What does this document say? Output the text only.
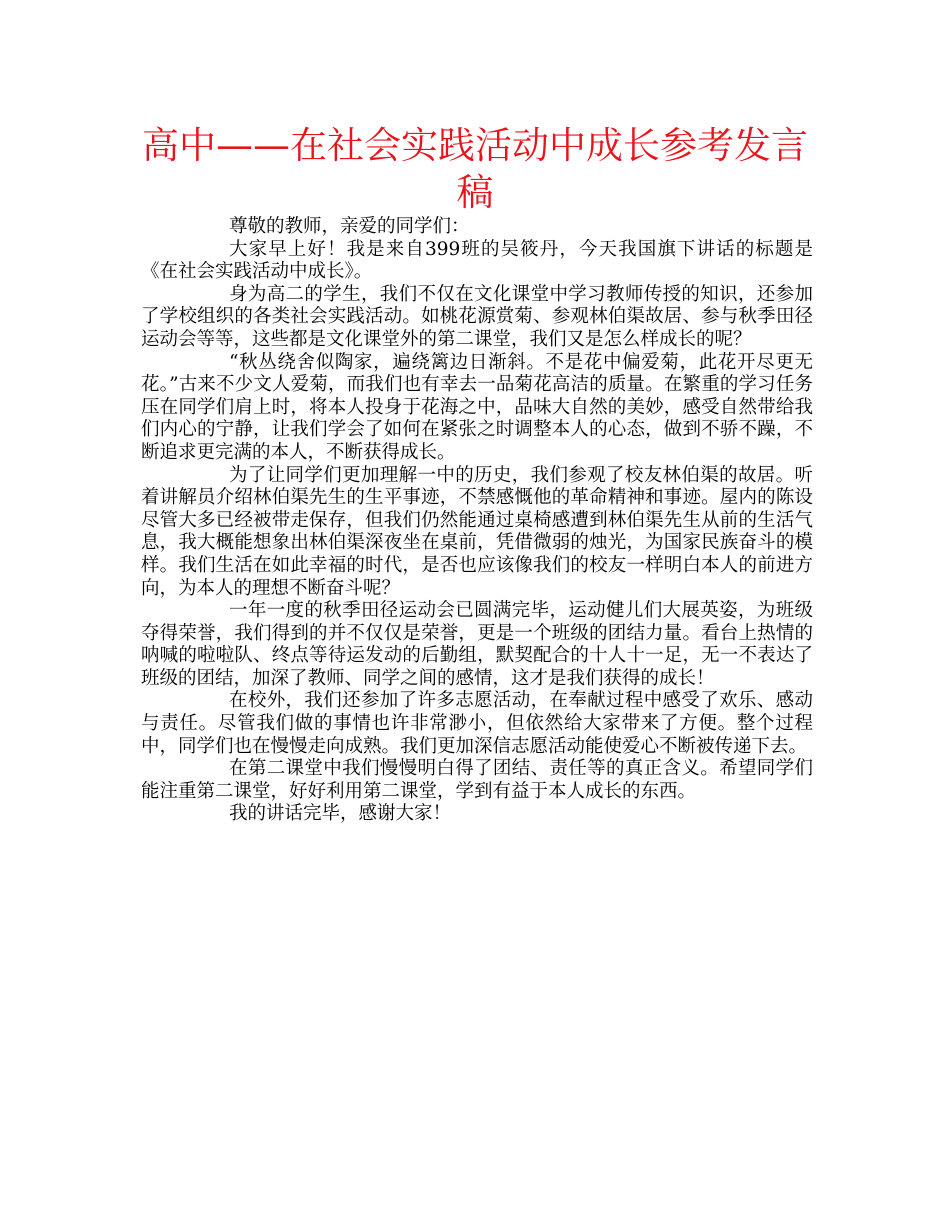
高中——在社会实践活动中成长参考发言稿

尊敬的教师，亲爱的同学们：

大家早上好！我是来自399班的吴筱丹，今天我国旗下讲话的标题是《在社会实践活动中成长》。

身为高二的学生，我们不仅在文化课堂中学习教师传授的知识，还参加了学校组织的各类社会实践活动。如桃花源赏菊、参观林伯渠故居、参与秋季田径运动会等等，这些都是文化课堂外的第二课堂，我们又是怎么样成长的呢？

“秋丛绕舍似陶家，遍绕篱边日渐斜。不是花中偏爱菊，此花开尽更无花。”古来不少文人爱菊，而我们也有幸去一品菊花高洁的质量。在繁重的学习任务压在同学们肩上时，将本人投身于花海之中，品味大自然的美妙，感受自然带给我们内心的宁静，让我们学会了如何在紧张之时调整本人的心态，做到不骄不躁，不断追求更完满的本人，不断获得成长。

为了让同学们更加理解一中的历史，我们参观了校友林伯渠的故居。听着讲解员介绍林伯渠先生的生平事迹，不禁感慨他的革命精神和事迹。屋内的陈设尽管大多已经被带走保存，但我们仍然能通过桌椅感遭到林伯渠先生从前的生活气息，我大概能想象出林伯渠深夜坐在桌前，凭借微弱的烛光，为国家民族奋斗的模样。我们生活在如此幸福的时代，是否也应该像我们的校友一样明白本人的前进方向，为本人的理想不断奋斗呢？

一年一度的秋季田径运动会已圆满完毕，运动健儿们大展英姿，为班级夺得荣誉，我们得到的并不仅仅是荣誉，更是一个班级的团结力量。看台上热情的呐喊的啦啦队、终点等待运发动的后勤组，默契配合的十人十一足，无一不表达了班级的团结，加深了教师、同学之间的感情，这才是我们获得的成长！

在校外，我们还参加了许多志愿活动，在奉献过程中感受了欢乐、感动与责任。尽管我们做的事情也许非常渺小，但依然给大家带来了方便。整个过程中，同学们也在慢慢走向成熟。我们更加深信志愿活动能使爱心不断被传递下去。

在第二课堂中我们慢慢明白得了团结、责任等的真正含义。希望同学们能注重第二课堂，好好利用第二课堂，学到有益于本人成长的东西。

我的讲话完毕，感谢大家！
